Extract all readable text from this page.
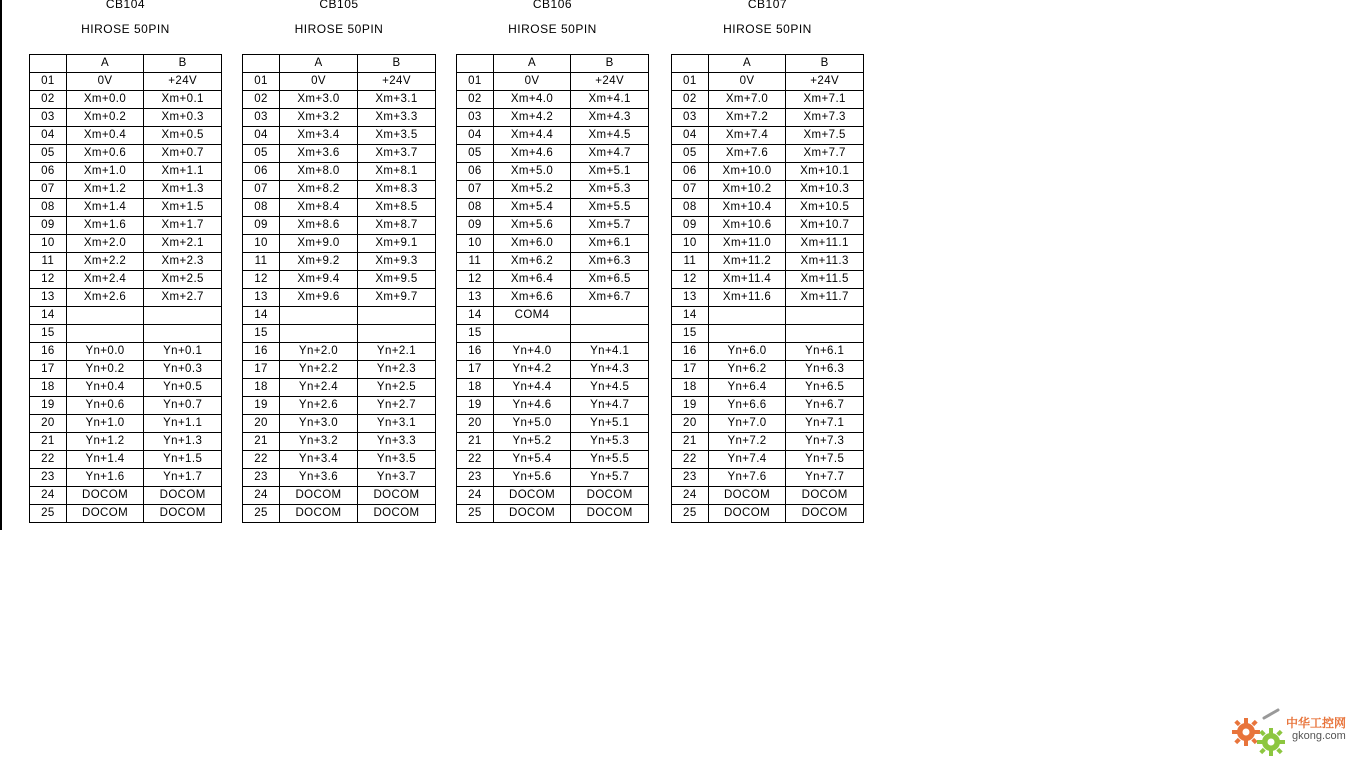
CB104
HIROSE 50PIN
	A	B
01	0V	+24V
02	Xm+0.0	Xm+0.1
03	Xm+0.2	Xm+0.3
04	Xm+0.4	Xm+0.5
05	Xm+0.6	Xm+0.7
06	Xm+1.0	Xm+1.1
07	Xm+1.2	Xm+1.3
08	Xm+1.4	Xm+1.5
09	Xm+1.6	Xm+1.7
10	Xm+2.0	Xm+2.1
11	Xm+2.2	Xm+2.3
12	Xm+2.4	Xm+2.5
13	Xm+2.6	Xm+2.7
14		
15		
16	Yn+0.0	Yn+0.1
17	Yn+0.2	Yn+0.3
18	Yn+0.4	Yn+0.5
19	Yn+0.6	Yn+0.7
20	Yn+1.0	Yn+1.1
21	Yn+1.2	Yn+1.3
22	Yn+1.4	Yn+1.5
23	Yn+1.6	Yn+1.7
24	DOCOM	DOCOM
25	DOCOM	DOCOM
CB105
HIROSE 50PIN
	A	B
01	0V	+24V
02	Xm+3.0	Xm+3.1
03	Xm+3.2	Xm+3.3
04	Xm+3.4	Xm+3.5
05	Xm+3.6	Xm+3.7
06	Xm+8.0	Xm+8.1
07	Xm+8.2	Xm+8.3
08	Xm+8.4	Xm+8.5
09	Xm+8.6	Xm+8.7
10	Xm+9.0	Xm+9.1
11	Xm+9.2	Xm+9.3
12	Xm+9.4	Xm+9.5
13	Xm+9.6	Xm+9.7
14		
15		
16	Yn+2.0	Yn+2.1
17	Yn+2.2	Yn+2.3
18	Yn+2.4	Yn+2.5
19	Yn+2.6	Yn+2.7
20	Yn+3.0	Yn+3.1
21	Yn+3.2	Yn+3.3
22	Yn+3.4	Yn+3.5
23	Yn+3.6	Yn+3.7
24	DOCOM	DOCOM
25	DOCOM	DOCOM
CB106
HIROSE 50PIN
	A	B
01	0V	+24V
02	Xm+4.0	Xm+4.1
03	Xm+4.2	Xm+4.3
04	Xm+4.4	Xm+4.5
05	Xm+4.6	Xm+4.7
06	Xm+5.0	Xm+5.1
07	Xm+5.2	Xm+5.3
08	Xm+5.4	Xm+5.5
09	Xm+5.6	Xm+5.7
10	Xm+6.0	Xm+6.1
11	Xm+6.2	Xm+6.3
12	Xm+6.4	Xm+6.5
13	Xm+6.6	Xm+6.7
14	COM4	
15		
16	Yn+4.0	Yn+4.1
17	Yn+4.2	Yn+4.3
18	Yn+4.4	Yn+4.5
19	Yn+4.6	Yn+4.7
20	Yn+5.0	Yn+5.1
21	Yn+5.2	Yn+5.3
22	Yn+5.4	Yn+5.5
23	Yn+5.6	Yn+5.7
24	DOCOM	DOCOM
25	DOCOM	DOCOM
CB107
HIROSE 50PIN
	A	B
01	0V	+24V
02	Xm+7.0	Xm+7.1
03	Xm+7.2	Xm+7.3
04	Xm+7.4	Xm+7.5
05	Xm+7.6	Xm+7.7
06	Xm+10.0	Xm+10.1
07	Xm+10.2	Xm+10.3
08	Xm+10.4	Xm+10.5
09	Xm+10.6	Xm+10.7
10	Xm+11.0	Xm+11.1
11	Xm+11.2	Xm+11.3
12	Xm+11.4	Xm+11.5
13	Xm+11.6	Xm+11.7
14		
15		
16	Yn+6.0	Yn+6.1
17	Yn+6.2	Yn+6.3
18	Yn+6.4	Yn+6.5
19	Yn+6.6	Yn+6.7
20	Yn+7.0	Yn+7.1
21	Yn+7.2	Yn+7.3
22	Yn+7.4	Yn+7.5
23	Yn+7.6	Yn+7.7
24	DOCOM	DOCOM
25	DOCOM	DOCOM
中华工控网
gkong.com
